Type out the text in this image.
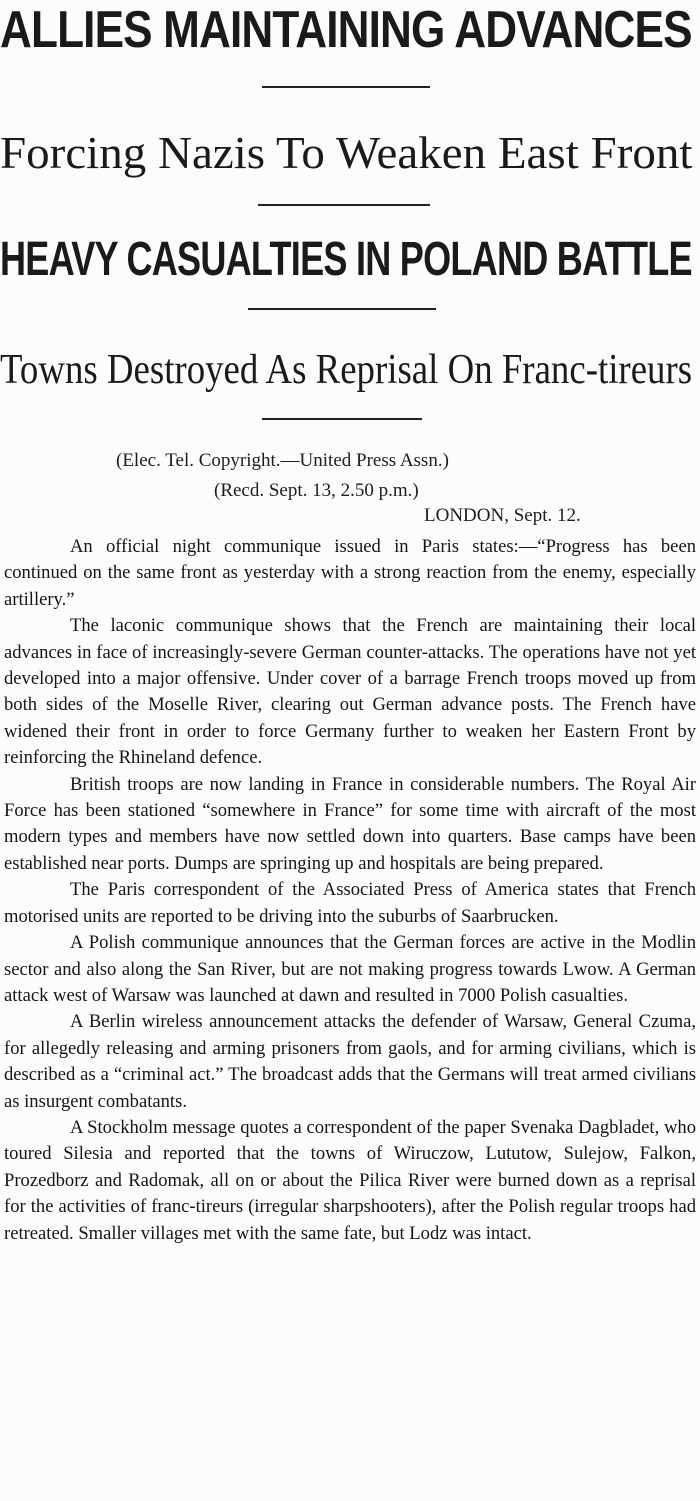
ALLIES MAINTAINING ADVANCES
Forcing Nazis To Weaken East Front
HEAVY CASUALTIES IN POLAND BATTLE
Towns Destroyed As Reprisal On Franc-tireurs

(Elec. Tel. Copyright.—United Press Assn.)

(Recd. Sept. 13, 2.50 p.m.)

LONDON, Sept. 12.

An official night communique issued in Paris states:—“Progress has been continued on the same front as yesterday with a strong reaction from the enemy, especially artillery.”

The laconic communique shows that the French are maintaining their local advances in face of increasingly-severe German counter-attacks. The operations have not yet developed into a major offensive. Under cover of a barrage French troops moved up from both sides of the Moselle River, clearing out German advance posts. The French have widened their front in order to force Germany further to weaken her Eastern Front by reinforcing the Rhineland defence.

British troops are now landing in France in considerable numbers. The Royal Air Force has been stationed “somewhere in France” for some time with aircraft of the most modern types and members have now settled down into quarters. Base camps have been established near ports. Dumps are springing up and hospitals are being prepared.

The Paris correspondent of the Associated Press of America states that French motorised units are reported to be driving into the suburbs of Saarbrucken.

A Polish communique announces that the German forces are active in the Modlin sector and also along the San River, but are not making progress towards Lwow. A German attack west of Warsaw was launched at dawn and resulted in 7000 Polish casualties.

A Berlin wireless announcement attacks the defender of Warsaw, General Czuma, for allegedly releasing and arming prisoners from gaols, and for arming civilians, which is described as a “criminal act.” The broadcast adds that the Germans will treat armed civilians as insurgent combatants.

A Stockholm message quotes a correspondent of the paper Svenaka Dagbladet, who toured Silesia and reported that the towns of Wiruczow, Lututow, Sulejow, Falkon, Prozedborz and Radomak, all on or about the Pilica River were burned down as a reprisal for the activities of franc-tireurs (irregular sharpshooters), after the Polish regular troops had retreated. Smaller villages met with the same fate, but Lodz was intact.
